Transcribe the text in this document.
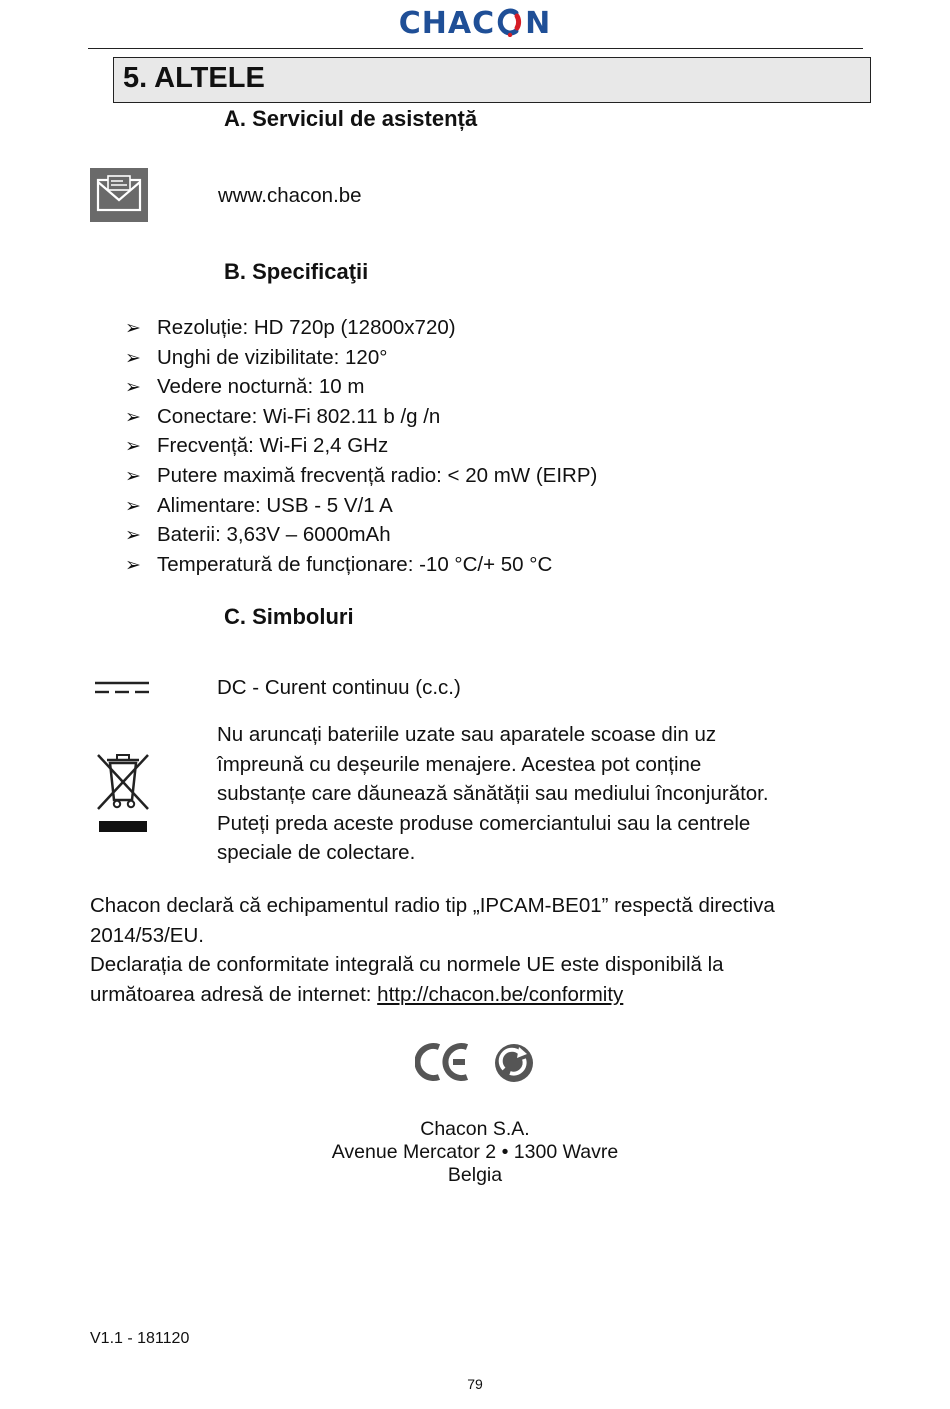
CHAC N
5. ALTELE
A. Serviciul de asistență
www.chacon.be
B. Specificaţii
➢ Rezoluție: HD 720p (12800x720)
➢ Unghi de vizibilitate: 120°
➢ Vedere nocturnă: 10 m
➢ Conectare: Wi-Fi 802.11 b /g /n
➢ Frecvență: Wi-Fi 2,4 GHz
➢ Putere maximă frecvență radio: < 20 mW (EIRP)
➢ Alimentare: USB - 5 V/1 A
➢ Baterii: 3,63V – 6000mAh
➢ Temperatură de funcționare: -10 °C/+ 50 °C
C. Simboluri
DC - Curent continuu (c.c.)
Nu aruncați bateriile uzate sau aparatele scoase din uz
împreună cu deșeurile menajere. Acestea pot conține
substanțe care dăunează sănătății sau mediului înconjurător.
Puteți preda aceste produse comerciantului sau la centrele
speciale de colectare.
Chacon declară că echipamentul radio tip „IPCAM-BE01” respectă directiva
2014/53/EU.
Declarația de conformitate integrală cu normele UE este disponibilă la
următoarea adresă de internet: http://chacon.be/conformity
Chacon S.A.
Avenue Mercator 2 • 1300 Wavre
Belgia
V1.1 - 181120
79
